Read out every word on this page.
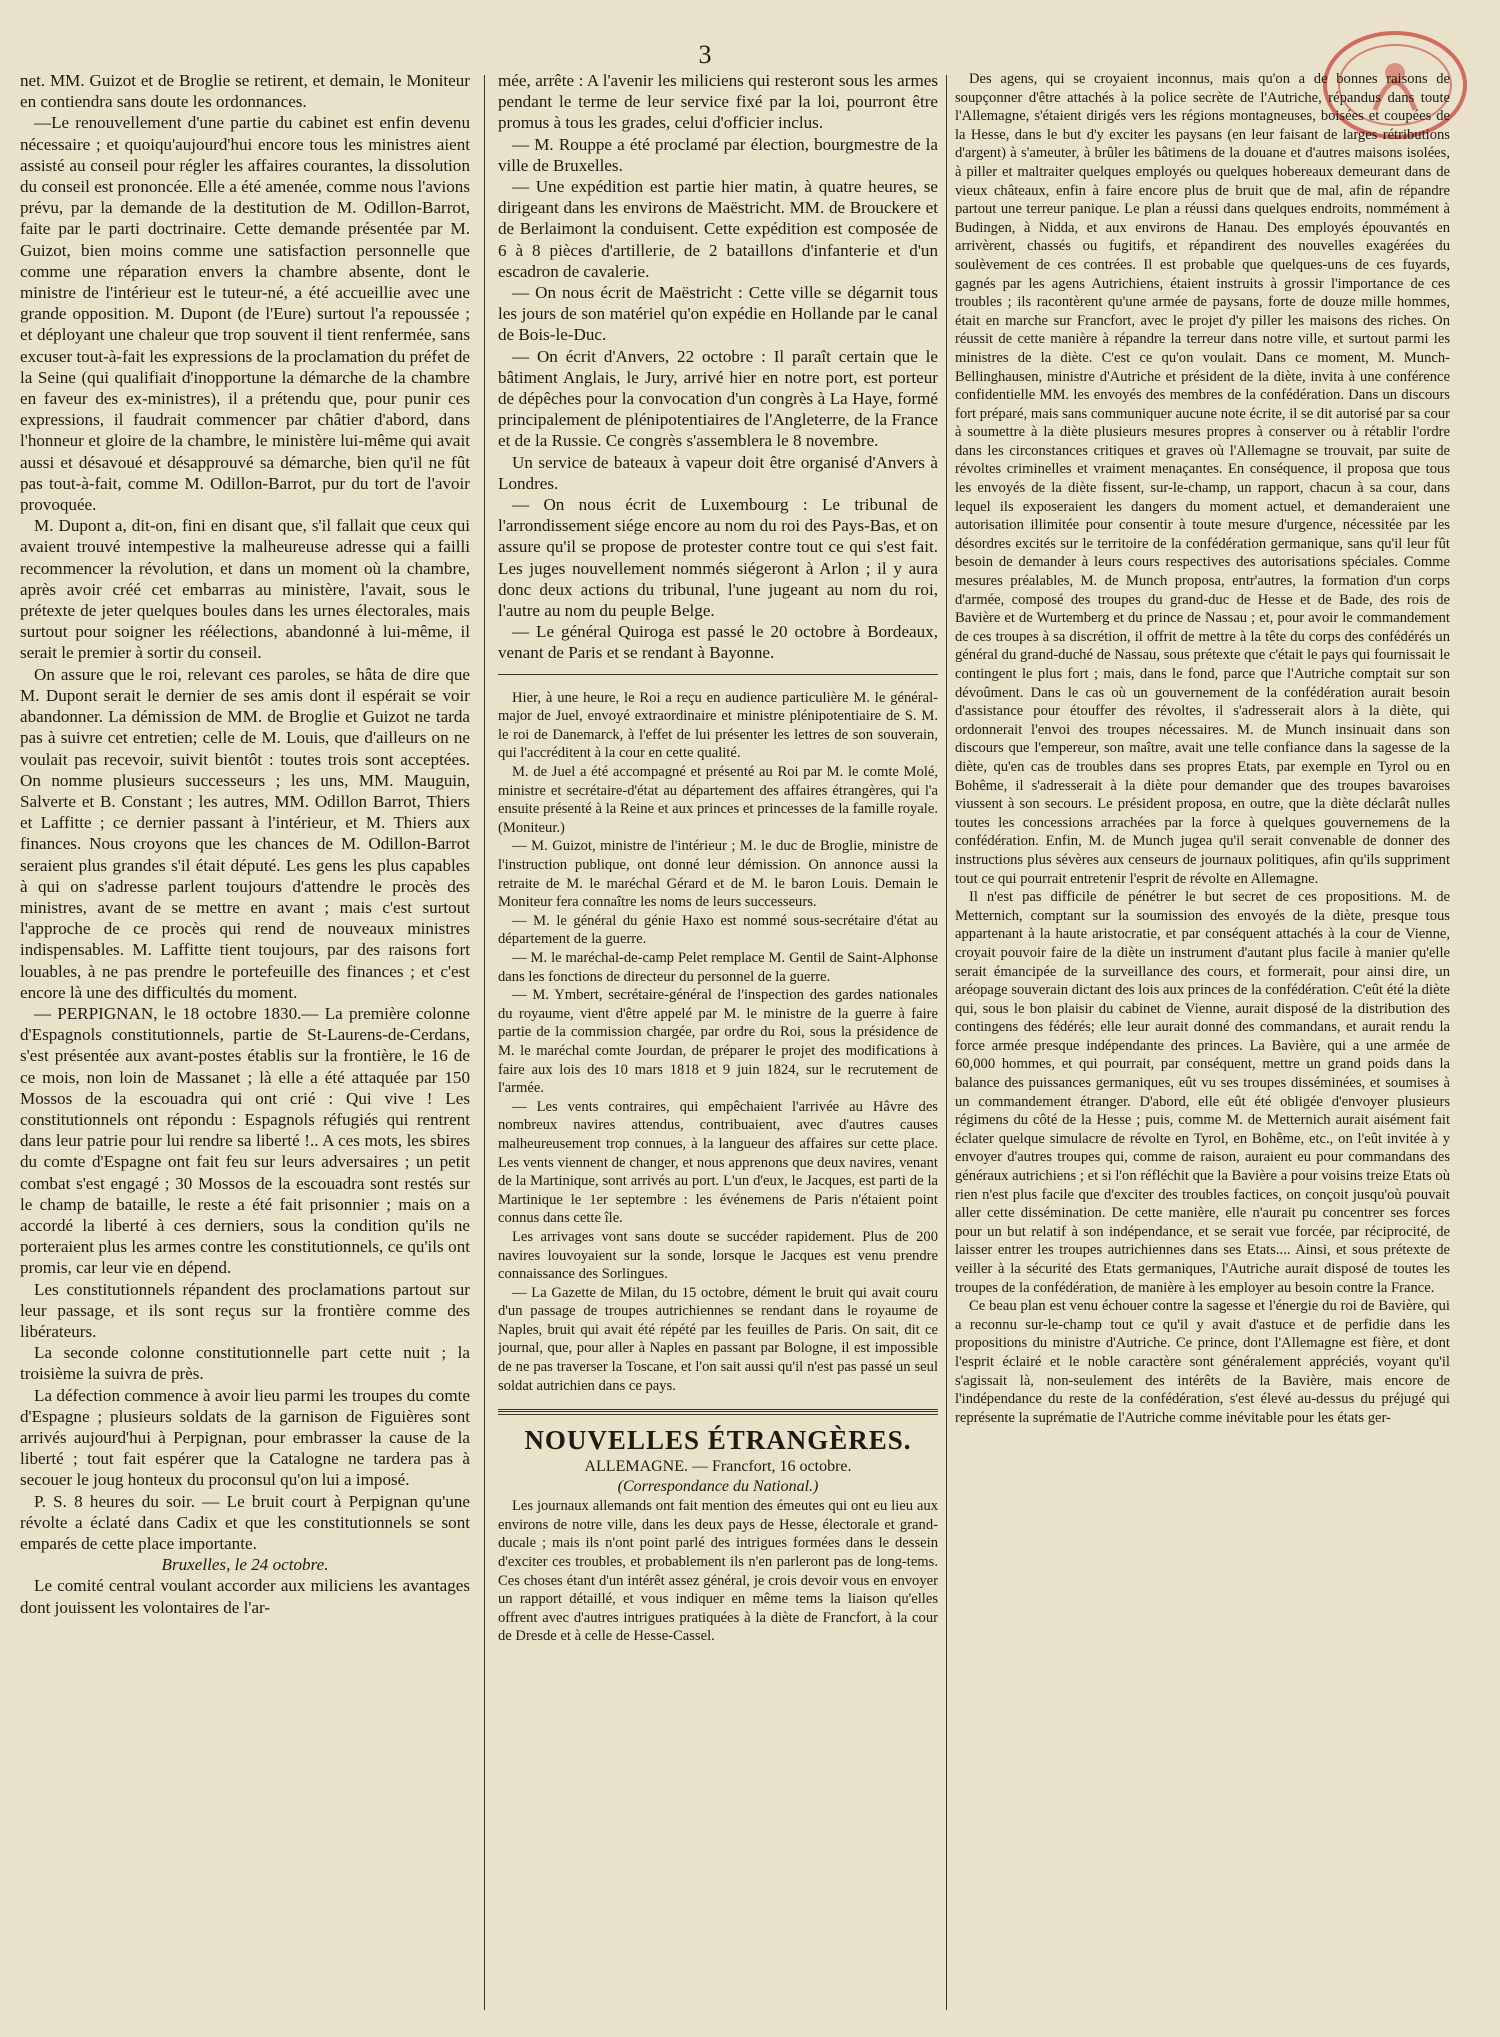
3

net. MM. Guizot et de Broglie se retirent, et demain, le Moniteur en contiendra sans doute les ordonnances.

—Le renouvellement d'une partie du cabinet est enfin devenu nécessaire ; et quoiqu'aujourd'hui encore tous les ministres aient assisté au conseil pour régler les affaires courantes, la dissolution du conseil est prononcée. Elle a été amenée, comme nous l'avions prévu, par la demande de la destitution de M. Odillon-Barrot, faite par le parti doctrinaire. Cette demande présentée par M. Guizot, bien moins comme une satisfaction personnelle que comme une réparation envers la chambre absente, dont le ministre de l'intérieur est le tuteur-né, a été accueillie avec une grande opposition. M. Dupont (de l'Eure) surtout l'a repoussée ; et déployant une chaleur que trop souvent il tient renfermée, sans excuser tout-à-fait les expressions de la proclamation du préfet de la Seine (qui qualifiait d'inopportune la démarche de la chambre en faveur des ex-ministres), il a prétendu que, pour punir ces expressions, il faudrait commencer par châtier d'abord, dans l'honneur et gloire de la chambre, le ministère lui-même qui avait aussi et désavoué et désapprouvé sa démarche, bien qu'il ne fût pas tout-à-fait, comme M. Odillon-Barrot, pur du tort de l'avoir provoquée.

M. Dupont a, dit-on, fini en disant que, s'il fallait que ceux qui avaient trouvé intempestive la malheureuse adresse qui a failli recommencer la révolution, et dans un moment où la chambre, après avoir créé cet embarras au ministère, l'avait, sous le prétexte de jeter quelques boules dans les urnes électorales, mais surtout pour soigner les réélections, abandonné à lui-même, il serait le premier à sortir du conseil.

On assure que le roi, relevant ces paroles, se hâta de dire que M. Dupont serait le dernier de ses amis dont il espérait se voir abandonner. La démission de MM. de Broglie et Guizot ne tarda pas à suivre cet entretien; celle de M. Louis, que d'ailleurs on ne voulait pas recevoir, suivit bientôt : toutes trois sont acceptées. On nomme plusieurs successeurs ; les uns, MM. Mauguin, Salverte et B. Constant ; les autres, MM. Odillon Barrot, Thiers et Laffitte ; ce dernier passant à l'intérieur, et M. Thiers aux finances. Nous croyons que les chances de M. Odillon-Barrot seraient plus grandes s'il était député. Les gens les plus capables à qui on s'adresse parlent toujours d'attendre le procès des ministres, avant de se mettre en avant ; mais c'est surtout l'approche de ce procès qui rend de nouveaux ministres indispensables. M. Laffitte tient toujours, par des raisons fort louables, à ne pas prendre le portefeuille des finances ; et c'est encore là une des difficultés du moment.

— PERPIGNAN, le 18 octobre 1830.— La première colonne d'Espagnols constitutionnels, partie de St-Laurens-de-Cerdans, s'est présentée aux avant-postes établis sur la frontière, le 16 de ce mois, non loin de Massanet ; là elle a été attaquée par 150 Mossos de la escouadra qui ont crié : Qui vive ! Les constitutionnels ont répondu : Espagnols réfugiés qui rentrent dans leur patrie pour lui rendre sa liberté !.. A ces mots, les sbires du comte d'Espagne ont fait feu sur leurs adversaires ; un petit combat s'est engagé ; 30 Mossos de la escouadra sont restés sur le champ de bataille, le reste a été fait prisonnier ; mais on a accordé la liberté à ces derniers, sous la condition qu'ils ne porteraient plus les armes contre les constitutionnels, ce qu'ils ont promis, car leur vie en dépend.

Les constitutionnels répandent des proclamations partout sur leur passage, et ils sont reçus sur la frontière comme des libérateurs.

La seconde colonne constitutionnelle part cette nuit ; la troisième la suivra de près.

La défection commence à avoir lieu parmi les troupes du comte d'Espagne ; plusieurs soldats de la garnison de Figuières sont arrivés aujourd'hui à Perpignan, pour embrasser la cause de la liberté ; tout fait espérer que la Catalogne ne tardera pas à secouer le joug honteux du proconsul qu'on lui a imposé.

P. S. 8 heures du soir. — Le bruit court à Perpignan qu'une révolte a éclaté dans Cadix et que les constitutionnels se sont emparés de cette place importante.

Bruxelles, le 24 octobre.

Le comité central voulant accorder aux miliciens les avantages dont jouissent les volontaires de l'ar-

mée, arrête : A l'avenir les miliciens qui resteront sous les armes pendant le terme de leur service fixé par la loi, pourront être promus à tous les grades, celui d'officier inclus.

— M. Rouppe a été proclamé par élection, bourgmestre de la ville de Bruxelles.

— Une expédition est partie hier matin, à quatre heures, se dirigeant dans les environs de Maëstricht. MM. de Brouckere et de Berlaimont la conduisent. Cette expédition est composée de 6 à 8 pièces d'artillerie, de 2 bataillons d'infanterie et d'un escadron de cavalerie.

— On nous écrit de Maëstricht : Cette ville se dégarnit tous les jours de son matériel qu'on expédie en Hollande par le canal de Bois-le-Duc.

— On écrit d'Anvers, 22 octobre : Il paraît certain que le bâtiment Anglais, le Jury, arrivé hier en notre port, est porteur de dépêches pour la convocation d'un congrès à La Haye, formé principalement de plénipotentiaires de l'Angleterre, de la France et de la Russie. Ce congrès s'assemblera le 8 novembre.

Un service de bateaux à vapeur doit être organisé d'Anvers à Londres.

— On nous écrit de Luxembourg : Le tribunal de l'arrondissement siége encore au nom du roi des Pays-Bas, et on assure qu'il se propose de protester contre tout ce qui s'est fait. Les juges nouvellement nommés siégeront à Arlon ; il y aura donc deux actions du tribunal, l'une jugeant au nom du roi, l'autre au nom du peuple Belge.

— Le général Quiroga est passé le 20 octobre à Bordeaux, venant de Paris et se rendant à Bayonne.

Hier, à une heure, le Roi a reçu en audience particulière M. le général-major de Juel, envoyé extraordinaire et ministre plénipotentiaire de S. M. le roi de Danemarck, à l'effet de lui présenter les lettres de son souverain, qui l'accréditent à la cour en cette qualité.

M. de Juel a été accompagné et présenté au Roi par M. le comte Molé, ministre et secrétaire-d'état au département des affaires étrangères, qui l'a ensuite présenté à la Reine et aux princes et princesses de la famille royale. (Moniteur.)

— M. Guizot, ministre de l'intérieur ; M. le duc de Broglie, ministre de l'instruction publique, ont donné leur démission. On annonce aussi la retraite de M. le maréchal Gérard et de M. le baron Louis. Demain le Moniteur fera connaître les noms de leurs successeurs.

— M. le général du génie Haxo est nommé sous-secrétaire d'état au département de la guerre.

— M. le maréchal-de-camp Pelet remplace M. Gentil de Saint-Alphonse dans les fonctions de directeur du personnel de la guerre.

— M. Ymbert, secrétaire-général de l'inspection des gardes nationales du royaume, vient d'être appelé par M. le ministre de la guerre à faire partie de la commission chargée, par ordre du Roi, sous la présidence de M. le maréchal comte Jourdan, de préparer le projet des modifications à faire aux lois des 10 mars 1818 et 9 juin 1824, sur le recrutement de l'armée.

— Les vents contraires, qui empêchaient l'arrivée au Hâvre des nombreux navires attendus, contribuaient, avec d'autres causes malheureusement trop connues, à la langueur des affaires sur cette place. Les vents viennent de changer, et nous apprenons que deux navires, venant de la Martinique, sont arrivés au port. L'un d'eux, le Jacques, est parti de la Martinique le 1er septembre : les événemens de Paris n'étaient point connus dans cette île.

Les arrivages vont sans doute se succéder rapidement. Plus de 200 navires louvoyaient sur la sonde, lorsque le Jacques est venu prendre connaissance des Sorlingues.

— La Gazette de Milan, du 15 octobre, dément le bruit qui avait couru d'un passage de troupes autrichiennes se rendant dans le royaume de Naples, bruit qui avait été répété par les feuilles de Paris. On sait, dit ce journal, que, pour aller à Naples en passant par Bologne, il est impossible de ne pas traverser la Toscane, et l'on sait aussi qu'il n'est pas passé un seul soldat autrichien dans ce pays.

NOUVELLES ÉTRANGÈRES.

ALLEMAGNE. — Francfort, 16 octobre.

(Correspondance du National.)

Les journaux allemands ont fait mention des émeutes qui ont eu lieu aux environs de notre ville, dans les deux pays de Hesse, électorale et grand-ducale ; mais ils n'ont point parlé des intrigues formées dans le dessein d'exciter ces troubles, et probablement ils n'en parleront pas de long-tems. Ces choses étant d'un intérêt assez général, je crois devoir vous en envoyer un rapport détaillé, et vous indiquer en même tems la liaison qu'elles offrent avec d'autres intrigues pratiquées à la diète de Francfort, à la cour de Dresde et à celle de Hesse-Cassel.

Des agens, qui se croyaient inconnus, mais qu'on a de bonnes raisons de soupçonner d'être attachés à la police secrète de l'Autriche, répandus dans toute l'Allemagne, s'étaient dirigés vers les régions montagneuses, boisées et coupées de la Hesse, dans le but d'y exciter les paysans (en leur faisant de larges rétributions d'argent) à s'ameuter, à brûler les bâtimens de la douane et d'autres maisons isolées, à piller et maltraiter quelques employés ou quelques hobereaux demeurant dans de vieux châteaux, enfin à faire encore plus de bruit que de mal, afin de répandre partout une terreur panique. Le plan a réussi dans quelques endroits, nommément à Budingen, à Nidda, et aux environs de Hanau. Des employés épouvantés en arrivèrent, chassés ou fugitifs, et répandirent des nouvelles exagérées du soulèvement de ces contrées. Il est probable que quelques-uns de ces fuyards, gagnés par les agens Autrichiens, étaient instruits à grossir l'importance de ces troubles ; ils racontèrent qu'une armée de paysans, forte de douze mille hommes, était en marche sur Francfort, avec le projet d'y piller les maisons des riches. On réussit de cette manière à répandre la terreur dans notre ville, et surtout parmi les ministres de la diète. C'est ce qu'on voulait. Dans ce moment, M. Munch-Bellinghausen, ministre d'Autriche et président de la diète, invita à une conférence confidentielle MM. les envoyés des membres de la confédération. Dans un discours fort préparé, mais sans communiquer aucune note écrite, il se dit autorisé par sa cour à soumettre à la diète plusieurs mesures propres à conserver ou à rétablir l'ordre dans les circonstances critiques et graves où l'Allemagne se trouvait, par suite de révoltes criminelles et vraiment menaçantes. En conséquence, il proposa que tous les envoyés de la diète fissent, sur-le-champ, un rapport, chacun à sa cour, dans lequel ils exposeraient les dangers du moment actuel, et demanderaient une autorisation illimitée pour consentir à toute mesure d'urgence, nécessitée par les désordres excités sur le territoire de la confédération germanique, sans qu'il leur fût besoin de demander à leurs cours respectives des autorisations spéciales. Comme mesures préalables, M. de Munch proposa, entr'autres, la formation d'un corps d'armée, composé des troupes du grand-duc de Hesse et de Bade, des rois de Bavière et de Wurtemberg et du prince de Nassau ; et, pour avoir le commandement de ces troupes à sa discrétion, il offrit de mettre à la tête du corps des confédérés un général du grand-duché de Nassau, sous prétexte que c'était le pays qui fournissait le contingent le plus fort ; mais, dans le fond, parce que l'Autriche comptait sur son dévoûment. Dans le cas où un gouvernement de la confédération aurait besoin d'assistance pour étouffer des révoltes, il s'adresserait alors à la diète, qui ordonnerait l'envoi des troupes nécessaires. M. de Munch insinuait dans son discours que l'empereur, son maître, avait une telle confiance dans la sagesse de la diète, qu'en cas de troubles dans ses propres Etats, par exemple en Tyrol ou en Bohême, il s'adresserait à la diète pour demander que des troupes bavaroises viussent à son secours. Le président proposa, en outre, que la diète déclarât nulles toutes les concessions arrachées par la force à quelques gouvernemens de la confédération. Enfin, M. de Munch jugea qu'il serait convenable de donner des instructions plus sévères aux censeurs de journaux politiques, afin qu'ils suppriment tout ce qui pourrait entretenir l'esprit de révolte en Allemagne.

Il n'est pas difficile de pénétrer le but secret de ces propositions. M. de Metternich, comptant sur la soumission des envoyés de la diète, presque tous appartenant à la haute aristocratie, et par conséquent attachés à la cour de Vienne, croyait pouvoir faire de la diète un instrument d'autant plus facile à manier qu'elle serait émancipée de la surveillance des cours, et formerait, pour ainsi dire, un aréopage souverain dictant des lois aux princes de la confédération. C'eût été la diète qui, sous le bon plaisir du cabinet de Vienne, aurait disposé de la distribution des contingens des fédérés; elle leur aurait donné des commandans, et aurait rendu la force armée presque indépendante des princes. La Bavière, qui a une armée de 60,000 hommes, et qui pourrait, par conséquent, mettre un grand poids dans la balance des puissances germaniques, eût vu ses troupes disséminées, et soumises à un commandement étranger. D'abord, elle eût été obligée d'envoyer plusieurs régimens du côté de la Hesse ; puis, comme M. de Metternich aurait aisément fait éclater quelque simulacre de révolte en Tyrol, en Bohême, etc., on l'eût invitée à y envoyer d'autres troupes qui, comme de raison, auraient eu pour commandans des généraux autrichiens ; et si l'on réfléchit que la Bavière a pour voisins treize Etats où rien n'est plus facile que d'exciter des troubles factices, on conçoit jusqu'où pouvait aller cette dissémination. De cette manière, elle n'aurait pu concentrer ses forces pour un but relatif à son indépendance, et se serait vue forcée, par réciprocité, de laisser entrer les troupes autrichiennes dans ses Etats.... Ainsi, et sous prétexte de veiller à la sécurité des Etats germaniques, l'Autriche aurait disposé de toutes les troupes de la confédération, de manière à les employer au besoin contre la France.

Ce beau plan est venu échouer contre la sagesse et l'énergie du roi de Bavière, qui a reconnu sur-le-champ tout ce qu'il y avait d'astuce et de perfidie dans les propositions du ministre d'Autriche. Ce prince, dont l'Allemagne est fière, et dont l'esprit éclairé et le noble caractère sont généralement appréciés, voyant qu'il s'agissait là, non-seulement des intérêts de la Bavière, mais encore de l'indépendance du reste de la confédération, s'est élevé au-dessus du préjugé qui représente la suprématie de l'Autriche comme inévitable pour les états ger-
